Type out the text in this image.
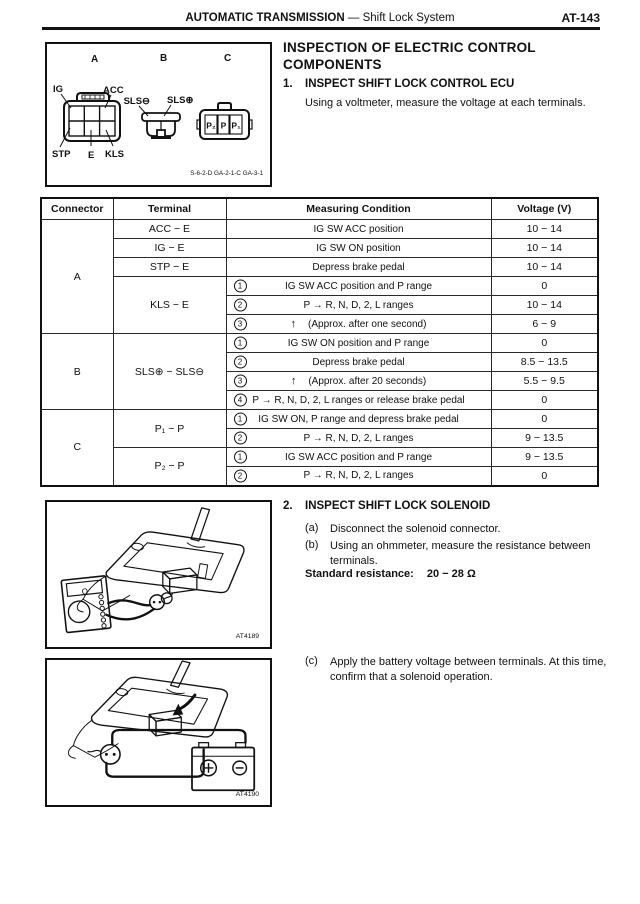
AUTOMATIC TRANSMISSION — Shift Lock System	AT-143
A	B	C
IG	ACC
STP E KLS
SLS⊖ SLS⊕
P₂ P P₁
S-6-2-D GA-2-1-C GA-3-1
INSPECTION OF ELECTRIC CONTROL COMPONENTS
1.	INSPECT SHIFT LOCK CONTROL ECU
Using a voltmeter, measure the voltage at each terminals.
Connector	Terminal	Measuring Condition	Voltage (V)
A	ACC − E	IG SW ACC position	10 − 14
	IG − E	IG SW ON position	10 − 14
	STP − E	Depress brake pedal	10 − 14
	KLS − E	1 IG SW ACC position and P range	0

		2 P → R, N, D, 2, L ranges	10 − 14

		3 ↑ (Approx. after one second)	6 − 9
B	SLS⊕ − SLS⊖	1 IG SW ON position and P range	0

		2 Depress brake pedal	8.5 − 13.5

		3 ↑ (Approx. after 20 seconds)	5.5 − 9.5

		4 P → R, N, D, 2, L ranges or release brake pedal	0
C	P₁ − P	1 IG SW ON, P range and depress brake pedal	0

		2 P → R, N, D, 2, L ranges	9 − 13.5
	P₂ − P	1 IG SW ACC position and P range	9 − 13.5

		2 P → R, N, D, 2, L ranges	0
2.	INSPECT SHIFT LOCK SOLENOID
(a)	Disconnect the solenoid connector.
(b)	Using an ohmmeter, measure the resistance between terminals.
Standard resistance: 20 − 28 Ω
(c)	Apply the battery voltage between terminals. At this time, confirm that a solenoid operation.
Ω
AT4189
AT4190
